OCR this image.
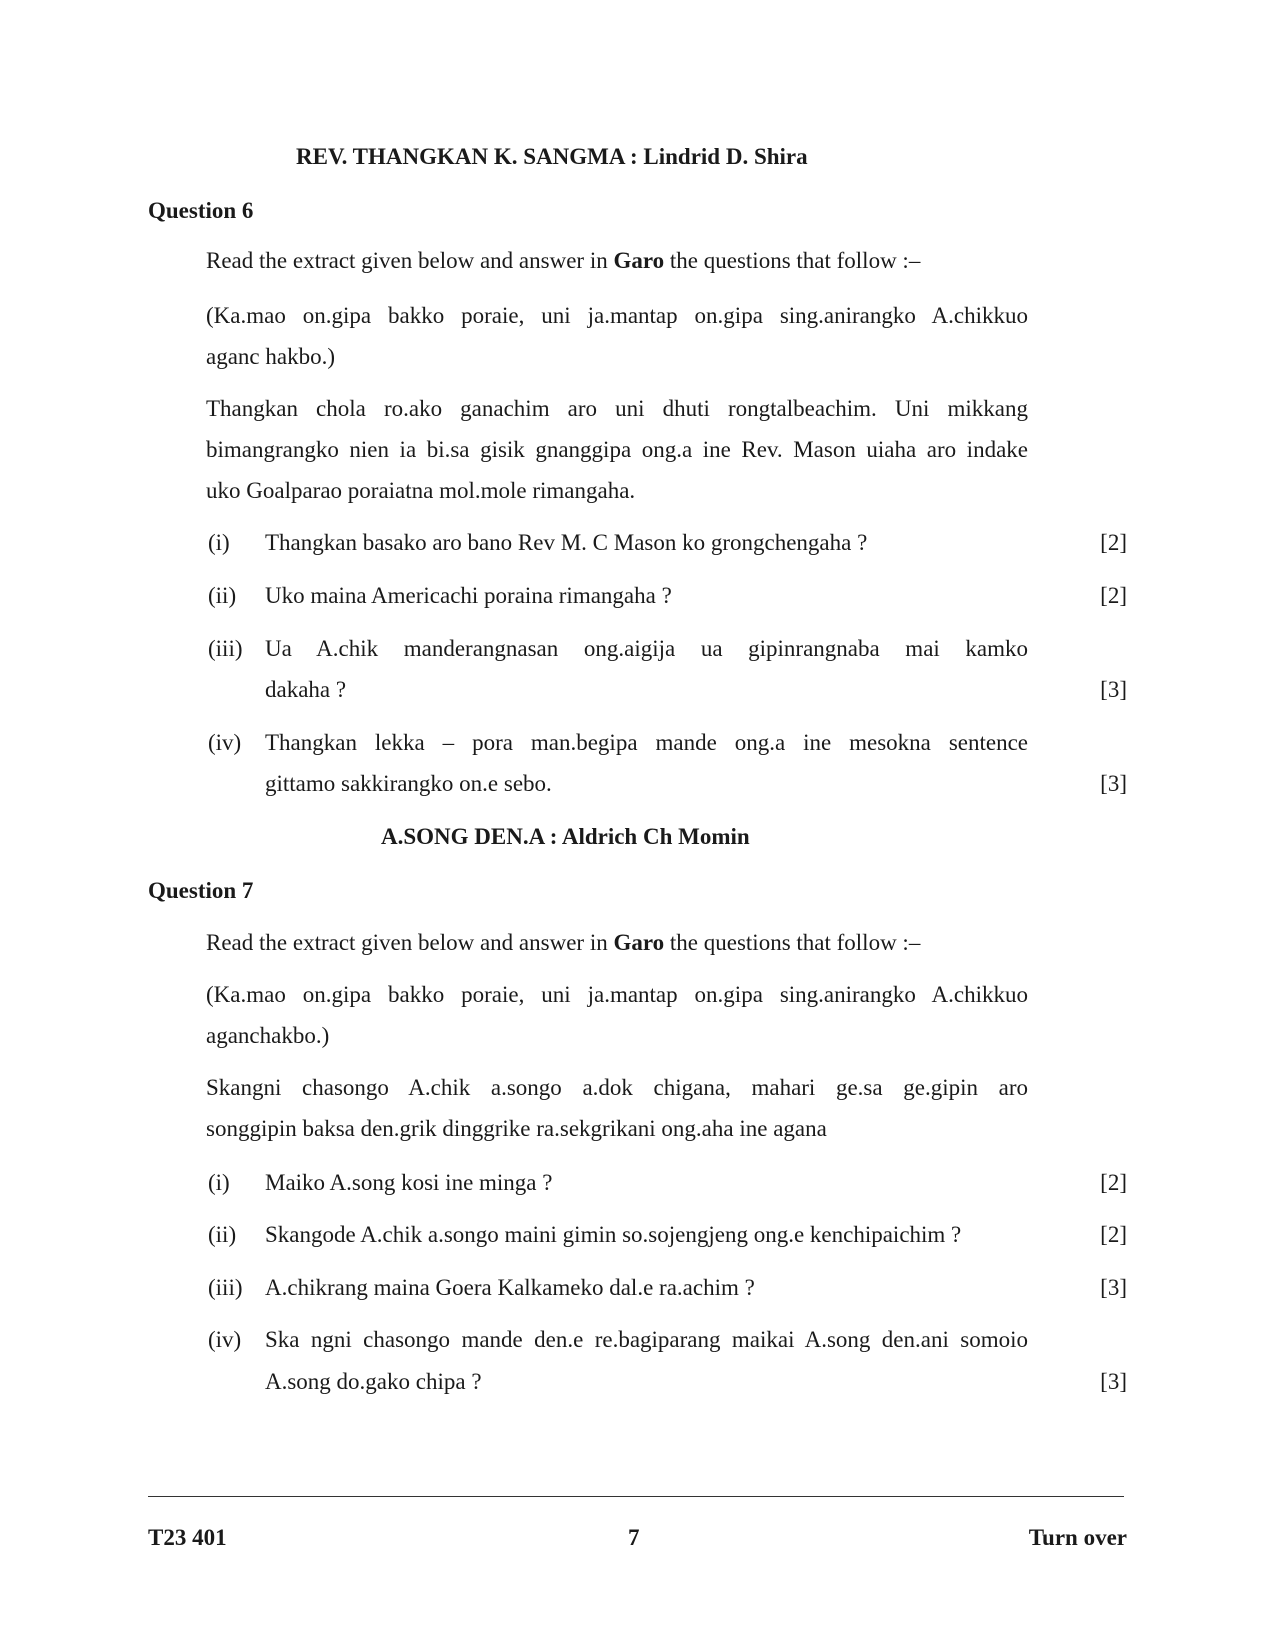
REV. THANGKAN K. SANGMA : Lindrid D. Shira
Question 6
Read the extract given below and answer in Garo the questions that follow :–
(Ka.mao on.gipa bakko poraie, uni ja.mantap on.gipa sing.anirangko A.chikkuo
aganc hakbo.)
Thangkan chola ro.ako ganachim aro uni dhuti rongtalbeachim. Uni mikkang
bimangrangko nien ia bi.sa gisik gnanggipa ong.a ine Rev. Mason uiaha aro indake
uko Goalparao poraiatna mol.mole rimangaha.
(i) Thangkan basako aro bano Rev M. C Mason ko grongchengaha ?	[2]
(ii) Uko maina Americachi poraina rimangaha ?	[2]
(iii) Ua A.chik manderangnasan ong.aigija ua gipinrangnaba mai kamko
dakaha ?	[3]
(iv) Thangkan lekka – pora man.begipa mande ong.a ine mesokna sentence
gittamo sakkirangko on.e sebo.	[3]
A.SONG DEN.A : Aldrich Ch Momin
Question 7
Read the extract given below and answer in Garo the questions that follow :–
(Ka.mao on.gipa bakko poraie, uni ja.mantap on.gipa sing.anirangko A.chikkuo
aganchakbo.)
Skangni chasongo A.chik a.songo a.dok chigana, mahari ge.sa ge.gipin aro
songgipin baksa den.grik dinggrike ra.sekgrikani ong.aha ine agana
(i) Maiko A.song kosi ine minga ?	[2]
(ii) Skangode A.chik a.songo maini gimin so.sojengjeng ong.e kenchipaichim ?	[2]
(iii) A.chikrang maina Goera Kalkameko dal.e ra.achim ?	[3]
(iv) Ska ngni chasongo mande den.e re.bagiparang maikai A.song den.ani somoio
A.song do.gako chipa ?	[3]
T23 401	7	Turn over
